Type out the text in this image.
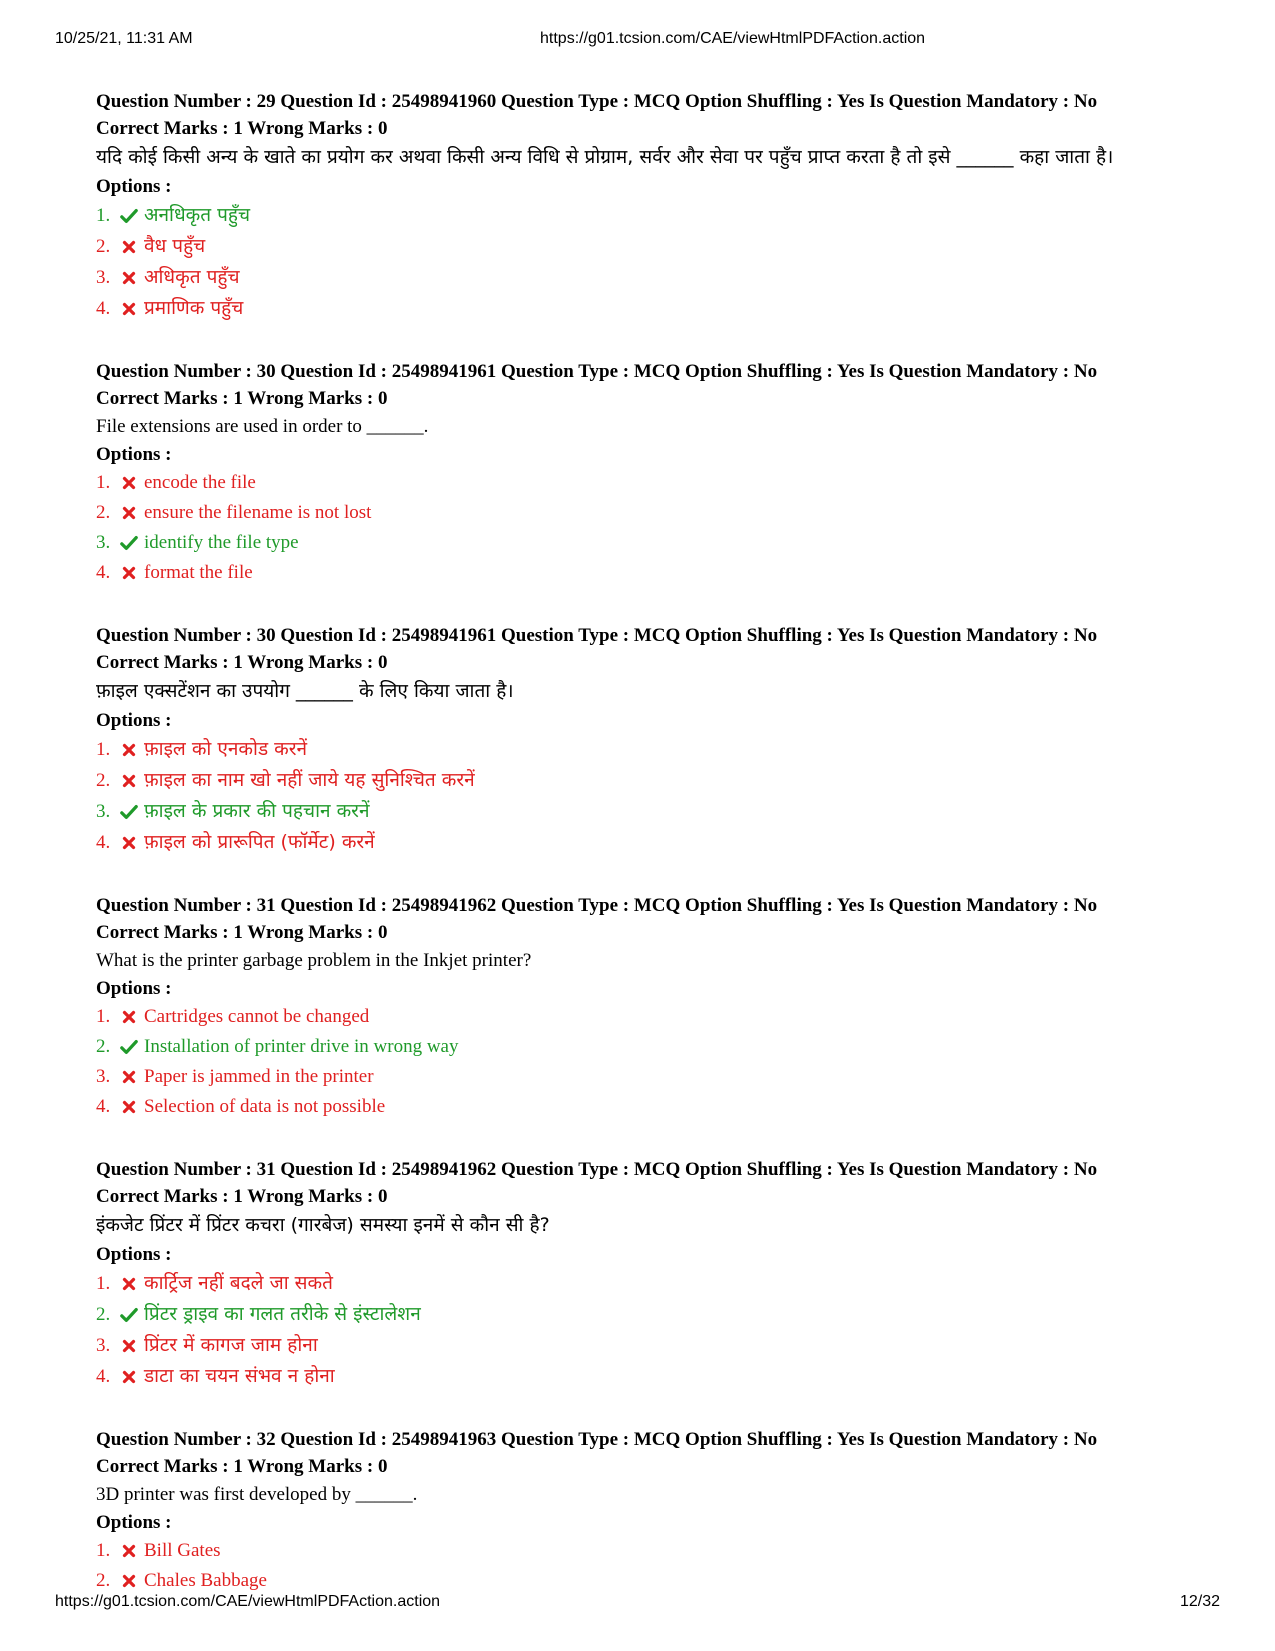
10/25/21, 11:31 AM	https://g01.tcsion.com/CAE/viewHtmlPDFAction.action
Question Number : 29 Question Id : 25498941960 Question Type : MCQ Option Shuffling : Yes Is Question Mandatory : No
Correct Marks : 1 Wrong Marks : 0
यदि कोई किसी अन्य के खाते का प्रयोग कर अथवा किसी अन्य विधि से प्रोग्राम, सर्वर और सेवा पर पहुँच प्राप्त करता है तो इसे ______ कहा जाता है।
Options :
1.	अनधिकृत पहुँच
2.	वैध पहुँच
3.	अधिकृत पहुँच
4.	प्रमाणिक पहुँच
Question Number : 30 Question Id : 25498941961 Question Type : MCQ Option Shuffling : Yes Is Question Mandatory : No
Correct Marks : 1 Wrong Marks : 0
File extensions are used in order to ______.
Options :
1.	encode the file
2.	ensure the filename is not lost
3.	identify the file type
4.	format the file
Question Number : 30 Question Id : 25498941961 Question Type : MCQ Option Shuffling : Yes Is Question Mandatory : No
Correct Marks : 1 Wrong Marks : 0
फ़ाइल एक्सटेंशन का उपयोग ______ के लिए किया जाता है।
Options :
1.	फ़ाइल को एनकोड करनें
2.	फ़ाइल का नाम खो नहीं जाये यह सुनिश्चित करनें
3.	फ़ाइल के प्रकार की पहचान करनें
4.	फ़ाइल को प्रारूपित (फॉर्मेट) करनें
Question Number : 31 Question Id : 25498941962 Question Type : MCQ Option Shuffling : Yes Is Question Mandatory : No
Correct Marks : 1 Wrong Marks : 0
What is the printer garbage problem in the Inkjet printer?
Options :
1.	Cartridges cannot be changed
2.	Installation of printer drive in wrong way
3.	Paper is jammed in the printer
4.	Selection of data is not possible
Question Number : 31 Question Id : 25498941962 Question Type : MCQ Option Shuffling : Yes Is Question Mandatory : No
Correct Marks : 1 Wrong Marks : 0
इंकजेट प्रिंटर में प्रिंटर कचरा (गारबेज) समस्या इनमें से कौन सी है?
Options :
1.	कार्ट्रिज नहीं बदले जा सकते
2.	प्रिंटर ड्राइव का गलत तरीके से इंस्टालेशन
3.	प्रिंटर में कागज जाम होना
4.	डाटा का चयन संभव न होना
Question Number : 32 Question Id : 25498941963 Question Type : MCQ Option Shuffling : Yes Is Question Mandatory : No
Correct Marks : 1 Wrong Marks : 0
3D printer was first developed by ______.
Options :
1.	Bill Gates
2.	Chales Babbage
https://g01.tcsion.com/CAE/viewHtmlPDFAction.action	12/32
